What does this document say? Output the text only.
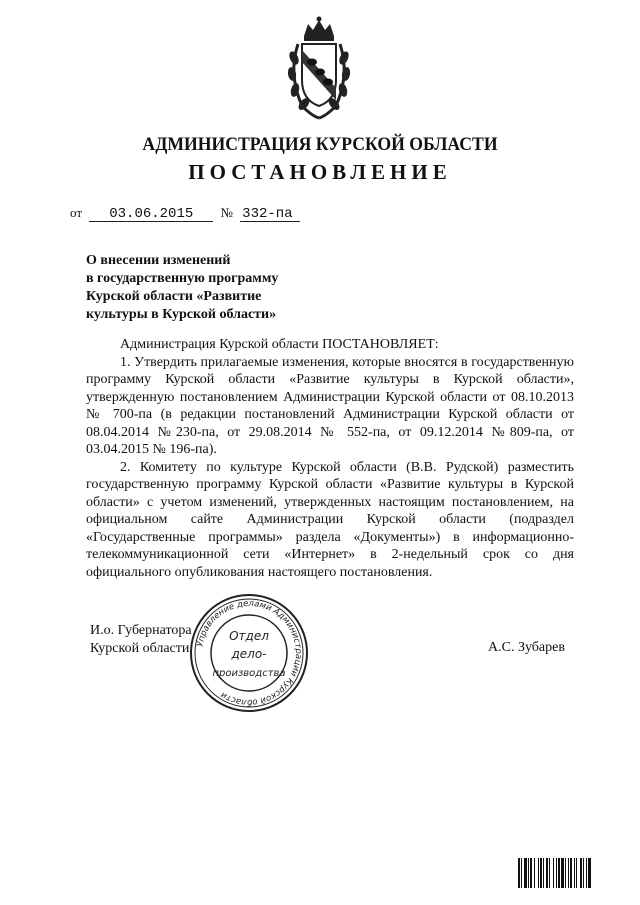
АДМИНИСТРАЦИЯ КУРСКОЙ ОБЛАСТИ
ПОСТАНОВЛЕНИЕ
от 03.06.2015 № 332-па
О внесении изменений
в государственную программу
Курской области «Развитие
культуры в Курской области»

Администрация Курской области ПОСТАНОВЛЯЕТ:

1. Утвердить прилагаемые изменения, которые вносятся в государственную программу Курской области «Развитие культуры в Курской области», утвержденную постановлением Администрации Курской области от 08.10.2013 № 700-па (в редакции постановлений Администрации Курской области от 08.04.2014 №230-па, от 29.08.2014 № 552-па, от 09.12.2014 №809-па, от 03.04.2015 № 196-па).

2. Комитету по культуре Курской области (В.В. Рудской) разместить государственную программу Курской области «Развитие культуры в Курской области» с учетом изменений, утвержденных настоящим постановлением, на официальном сайте Администрации Курской области (подраздел «Государственные программы» раздела «Документы») в информационно-телекоммуникационной сети «Интернет» в 2-недельный срок со дня официального опубликования настоящего постановления.

И.о. Губернатора
Курской области	А.С. Зубарев
Управление делами Администрации Курской области
Отдел
дело-
производства
